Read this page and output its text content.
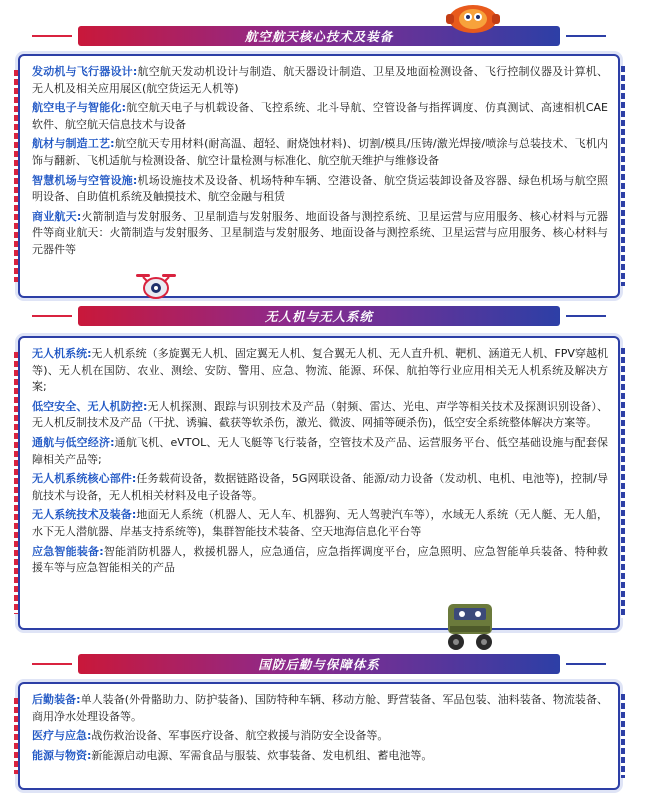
航空航天核心技术及装备

发动机与飞行器设计:航空航天发动机设计与制造、航天器设计制造、卫星及地面检测设备、飞行控制仪器及计算机、无人机及相关应用展区(航空货运无人机等)

航空电子与智能化:航空航天电子与机载设备、飞控系统、北斗导航、空管设备与指挥调度、仿真测试、高速相机CAE软件、航空航天信息技术与设备

航材与制造工艺:航空航天专用材料(耐高温、超轻、耐烧蚀材料)、切割/模具/压铸/激光焊接/喷涂与总装技术、飞机内饰与翻新、飞机适航与检测设备、航空计量检测与标准化、航空航天维护与维修设备

智慧机场与空管设施:机场设施技术及设备、机场特种车辆、空港设备、航空货运装卸设备及容器、绿色机场与航空照明设备、自助值机系统及触摸技术、航空金融与租赁

商业航天:火箭制造与发射服务、卫星制造与发射服务、地面设备与测控系统、卫星运营与应用服务、核心材料与元器件等商业航天：火箭制造与发射服务、卫星制造与发射服务、地面设备与测控系统、卫星运营与应用服务、核心材料与元器件等

无人机与无人系统

无人机系统:无人机系统（多旋翼无人机、固定翼无人机、复合翼无人机、无人直升机、靶机、涵道无人机、FPV穿越机等)、无人机在国防、农业、测绘、安防、警用、应急、物流、能源、环保、航拍等行业应用相关无人机系统及解决方案;

低空安全、无人机防控:无人机探测、跟踪与识别技术及产品（射频、雷达、光电、声学等相关技术及探测识别设备）、无人机反制技术及产品（干扰、诱骗、截获等软杀伤，激光、微波、网捕等硬杀伤)，低空安全系统整体解决方案等。

通航与低空经济:通航飞机、eVTOL、无人飞艇等飞行装备，空管技术及产品、运营服务平台、低空基础设施与配套保障相关产品等;

无人机系统核心部件:任务载荷设备，数据链路设备，5G网联设备、能源/动力设备（发动机、电机、电池等)，控制/导航技术与设备，无人机相关材料及电子设备等。

无人系统技术及装备:地面无人系统（机器人、无人车、机器狗、无人驾驶汽车等），水域无人系统（无人艇、无人船，水下无人潜航器、岸基支持系统等)，集群智能技术装备、空天地海信息化平台等

应急智能装备:智能消防机器人，救援机器人，应急通信，应急指挥调度平台，应急照明、应急智能单兵装备、特种救援车等与应急智能相关的产品

国防后勤与保障体系

后勤装备:单人装备(外骨骼助力、防护装备)、国防特种车辆、移动方舱、野营装备、军品包装、油料装备、物流装备、商用净水处理设备等。

医疗与应急:战伤救治设备、军事医疗设备、航空救援与消防安全设备等。

能源与物资:新能源启动电源、军需食品与服装、炊事装备、发电机组、蓄电池等。
